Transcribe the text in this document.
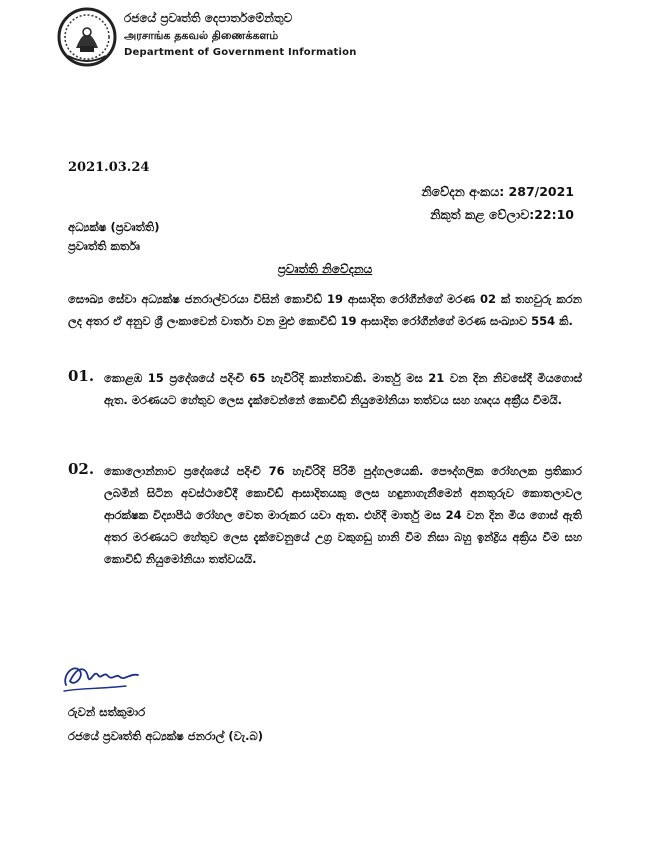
රජයේ ප්‍රවෘත්ති දෙපාර්තමේන්තුව
அரசாங்க தகவல் திணைக்களம்
Department of Government Information
2021.03.24
නිවේදන අංකය: 287/2021
නිකුත් කළ වේලාව:22:10
අධ්‍යක්ෂ (ප්‍රවෘත්ති)
ප්‍රවෘත්ති කර්තෘ
ප්‍රවෘත්ති නිවේදනය
සෞඛ්‍ය සේවා අධ්‍යක්ෂ ජනරාල්වරයා විසින් කොවිඩ් 19 ආසාදිත රෝගීන්ගේ මරණ 02 ක් තහවුරු කරන ලද අතර ඒ අනුව ශ්‍රී ලංකාවෙන් වාර්තා වන මුළු කොවිඩ් 19 ආසාදිත රෝගීන්ගේ මරණ සංඛ්‍යාව 554 කි.
01. කොළඹ 15 ප්‍රදේශයේ පදිංචි 65 හැවිරිදි කාන්තාවකි. මාර්තු මස 21 වන දින නිවසේදී මියගොස් ඇත. මරණයට හේතුව ලෙස දැක්වෙන්නේ කොවිඩ් නියුමෝනියා තත්වය සහ හෘදය අක්‍රීය වීමයි.
02. කොලොන්නාව ප්‍රදේශයේ පදිංචි 76 හැවිරිදි පිරිමි පුද්ගලයෙකි. පෞද්ගලික රෝහලක ප්‍රතිකාර ලබමින් සිටින අවස්ථාවේදී කොවිඩ් ආසාදිතයකු ලෙස හඳුනාගැනීමෙන් අනතුරුව කොතලාවල ආරක්ෂක විද්‍යාපීඨ රෝහල වෙත මාරුකර යවා ඇත. එහිදී මාර්තු මස 24 වන දින මිය ගොස් ඇති අතර මරණයට හේතුව ලෙස දැක්වෙනුයේ උග්‍ර වකුගඩු හානි වීම නිසා බහු ඉන්ද්‍රිය අක්‍රිය වීම සහ කොවිඩ් නියුමෝනියා තත්වයයි.
රුවන් සත්කුමාර
රජයේ ප්‍රවෘත්ති අධ්‍යක්ෂ ජනරාල් (වැ.බ)
